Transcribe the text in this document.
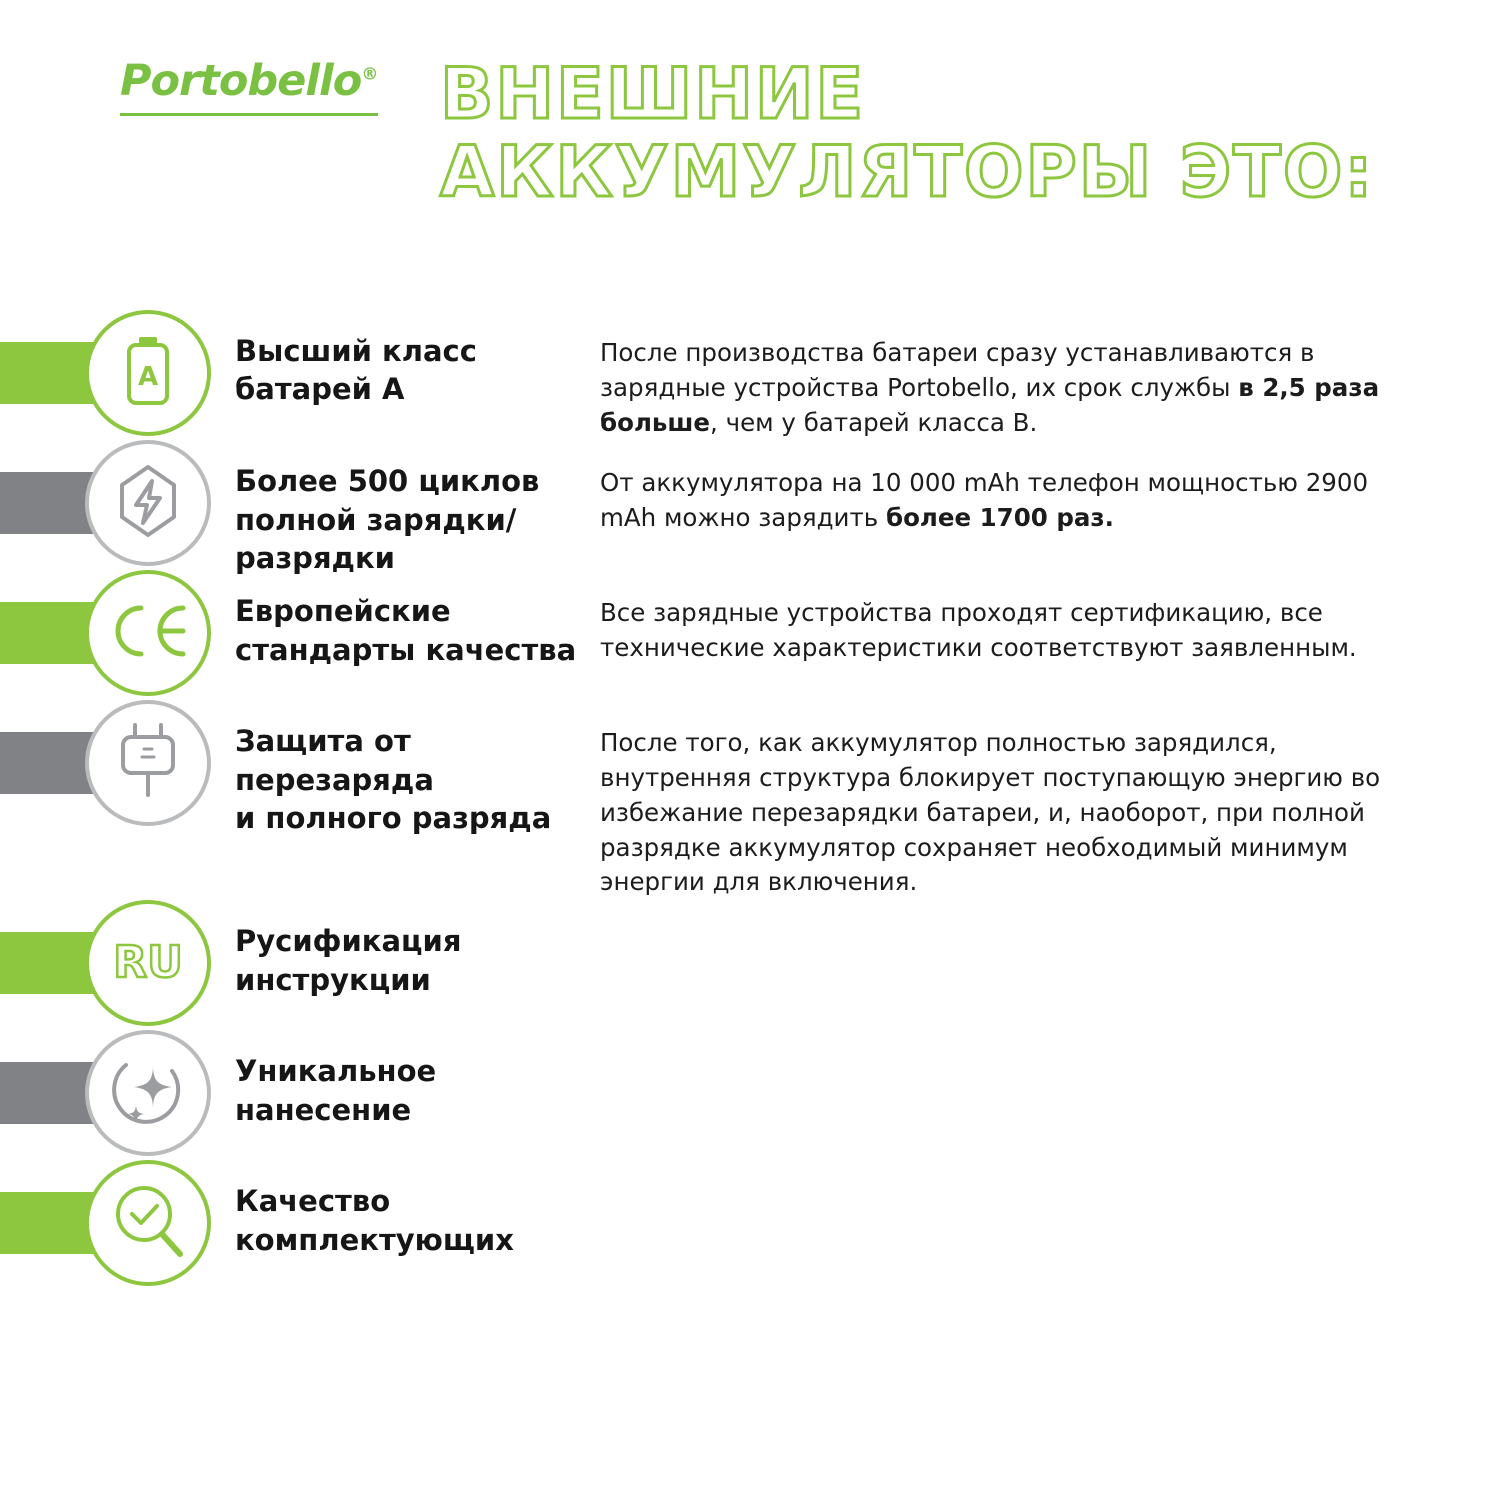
Portobello® ВНЕШНИЕ
АККУМУЛЯТОРЫ ЭТО:
A
Высший класс
батарей A
После производства батареи сразу устанавливаются в зарядные устройства Portobello, их срок службы в 2,5 раза больше, чем у батарей класса B.
Более 500 циклов
полной зарядки/
разрядки
От аккумулятора на 10 000 mAh телефон мощностью 2900 mAh можно зарядить более 1700 раз.
Европейские
стандарты качества
Все зарядные устройства проходят сертификацию, все технические характеристики соответствуют заявленным.
Защита от перезаряда
и полного разряда
После того, как аккумулятор полностью зарядился, внутренняя структура блокирует поступающую энергию во избежание перезарядки батареи, и, наоборот, при полной разрядке аккумулятор сохраняет необходимый минимум энергии для включения.
RU Русификация
инструкции
Уникальное
нанесение
Качество
комплектующих
